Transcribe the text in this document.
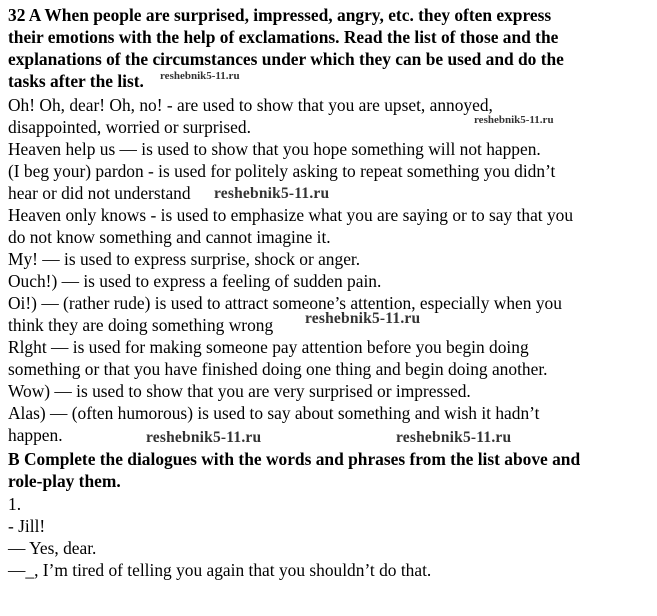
32 A When people are surprised, impressed, angry, etc. they often express
their emotions with the help of exclamations. Read the list of those and the
explanations of the circumstances under which they can be used and do the
tasks after the list.
Oh! Oh, dear! Oh, no! - are used to show that you are upset, annoyed,
disappointed, worried or surprised.
Heaven help us — is used to show that you hope something will not happen.
(I beg your) pardon - is used for politely asking to repeat something you didn’t
hear or did not understand
Heaven only knows - is used to emphasize what you are saying or to say that you
do not know something and cannot imagine it.
My! — is used to express surprise, shock or anger.
Ouch!) — is used to express a feeling of sudden pain.
Oi!) — (rather rude) is used to attract someone’s attention, especially when you
think they are doing something wrong
Rlght — is used for making someone pay attention before you begin doing
something or that you have finished doing one thing and begin doing another.
Wow) — is used to show that you are very surprised or impressed.
Alas) — (often humorous) is used to say about something and wish it hadn’t
happen.
B Complete the dialogues with the words and phrases from the list above and
role-play them.
1.
- Jill!
— Yes, dear.
—_, I’m tired of telling you again that you shouldn’t do that.
reshebnik5-11.ru
reshebnik5-11.ru
reshebnik5-11.ru
reshebnik5-11.ru
reshebnik5-11.ru	reshebnik5-11.ru
